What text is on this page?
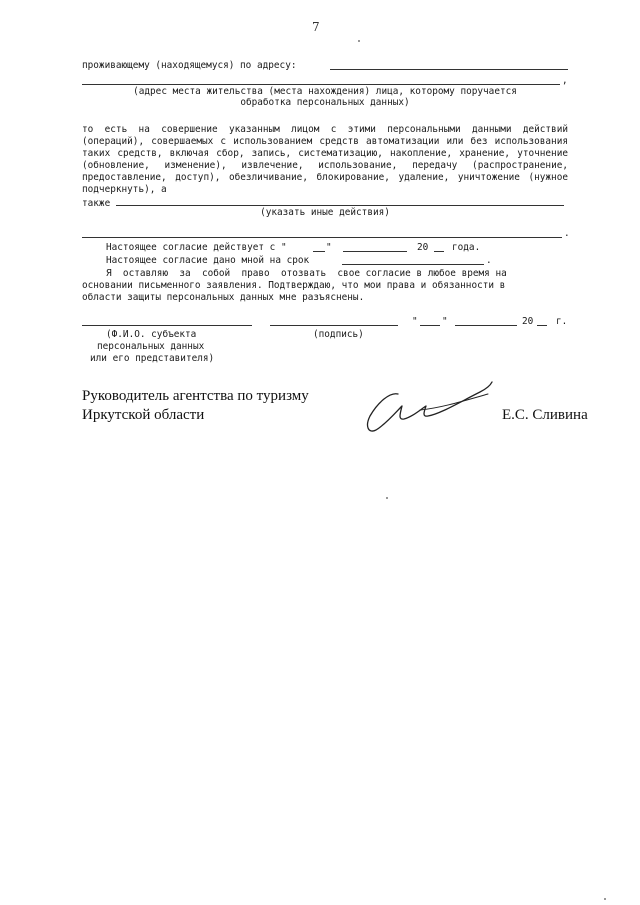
7
проживающему (находящемуся) по адресу:
,
(адрес места жительства (места нахождения) лица, которому поручается
обработка персональных данных)
то есть на совершение указанным лицом с этими персональными данными действий (операций), совершаемых с использованием средств автоматизации или без использования таких средств, включая сбор, запись, систематизацию, накопление, хранение, уточнение (обновление, изменение), извлечение, использование, передачу (распространение, предоставление, доступ), обезличивание, блокирование, удаление, уничтожение (нужное подчеркнуть), а
также
(указать иные действия)
.
Настоящее согласие действует с "	"	20	года.
Настоящее согласие дано мной на срок	.
Я  оставляю  за  собой  право  отозвать  свое согласие в любое время на
основании письменного заявления. Подтверждаю, что мои права и обязанности в
области защиты персональных данных мне разъяснены.
"	"	20 г.
(Ф.И.О. субъекта	(подпись)
персональных данных
или его представителя)
Руководитель агентства по туризму
Иркутской области	Е.С. Сливина
